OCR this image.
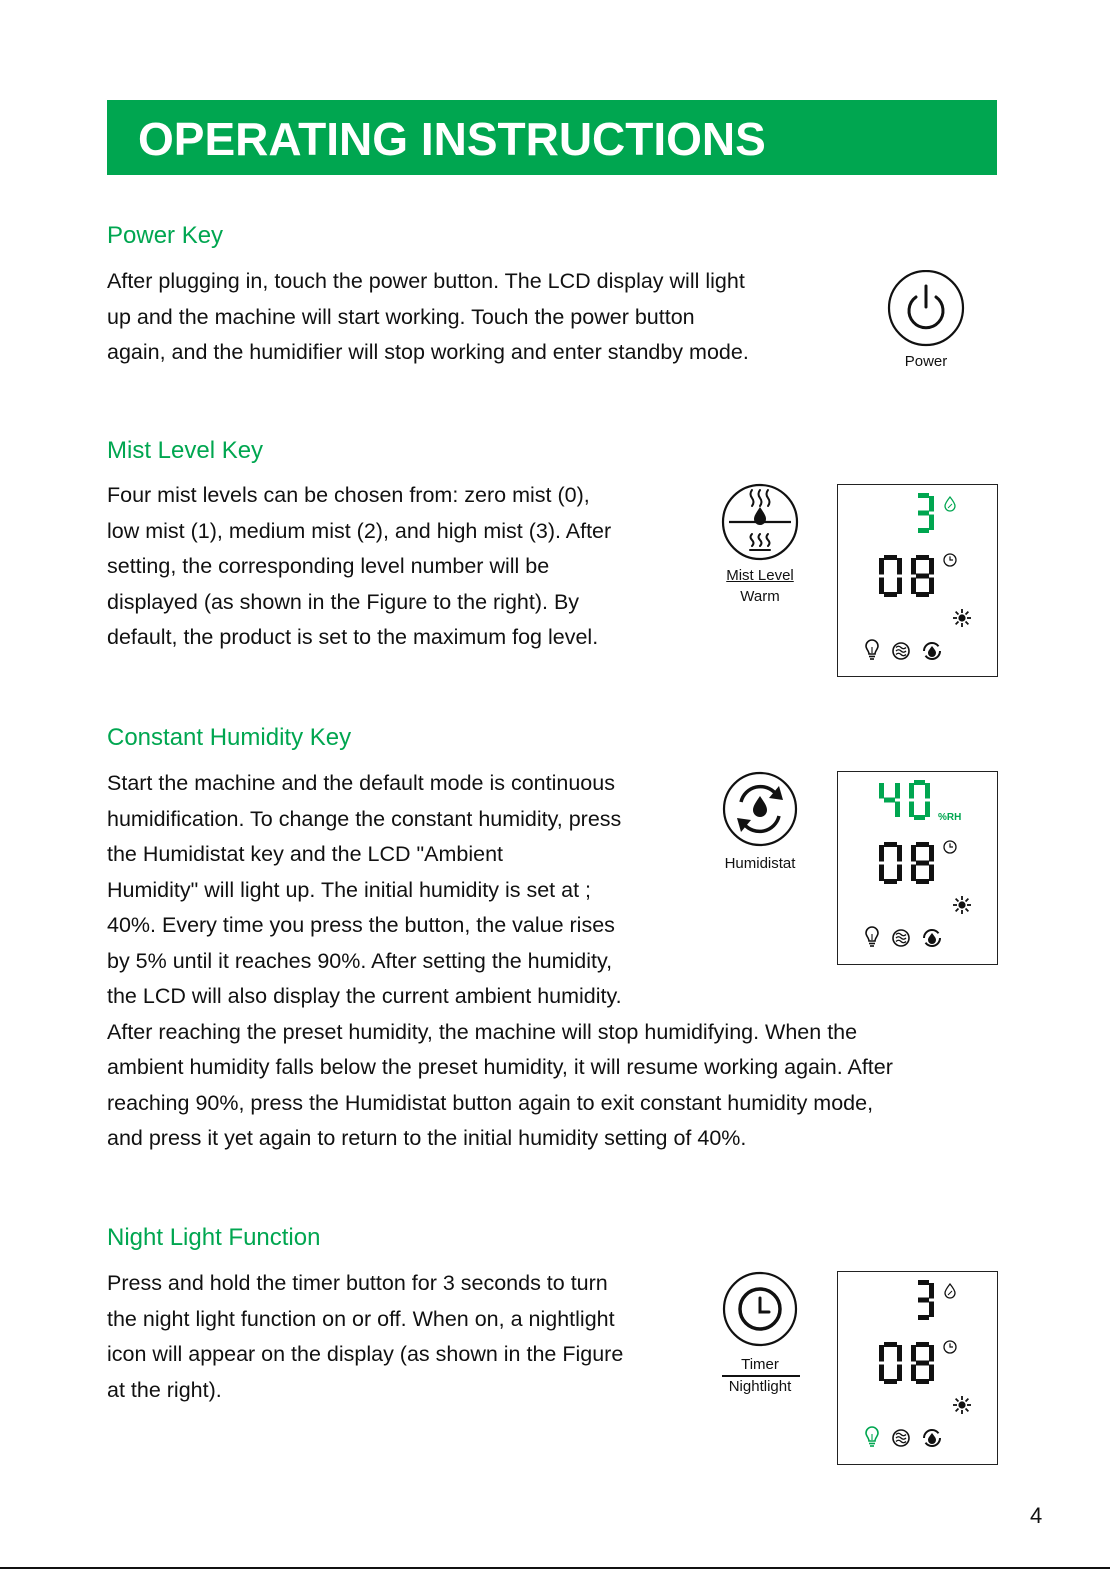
OPERATING INSTRUCTIONS
Power Key
After plugging in, touch the power button. The LCD display will light
up and the machine will start working. Touch the power button
again, and the humidifier will stop working and enter standby mode.	Power
Mist Level Key
Four mist levels can be chosen from: zero mist (0),
low mist (1), medium mist (2), and high mist (3). After
setting, the corresponding level number will be
displayed (as shown in the Figure to the right). By
default, the product is set to the maximum fog level.
Mist Level
Warm
Constant Humidity Key
Start the machine and the default mode is continuous
humidification. To change the constant humidity, press
the Humidistat key and the LCD "Ambient
Humidity" will light up. The initial humidity is set at ;
40%. Every time you press the button, the value rises
by 5% until it reaches 90%. After setting the humidity,
the LCD will also display the current ambient humidity.
After reaching the preset humidity, the machine will stop humidifying. When the
ambient humidity falls below the preset humidity, it will resume working again. After
reaching 90%, press the Humidistat button again to exit constant humidity mode,
and press it yet again to return to the initial humidity setting of 40%.
Humidistat
%RH
Night Light Function
Press and hold the timer button for 3 seconds to turn
the night light function on or off. When on, a nightlight
icon will appear on the display (as shown in the Figure
at the right).
Timer
Nightlight
4
